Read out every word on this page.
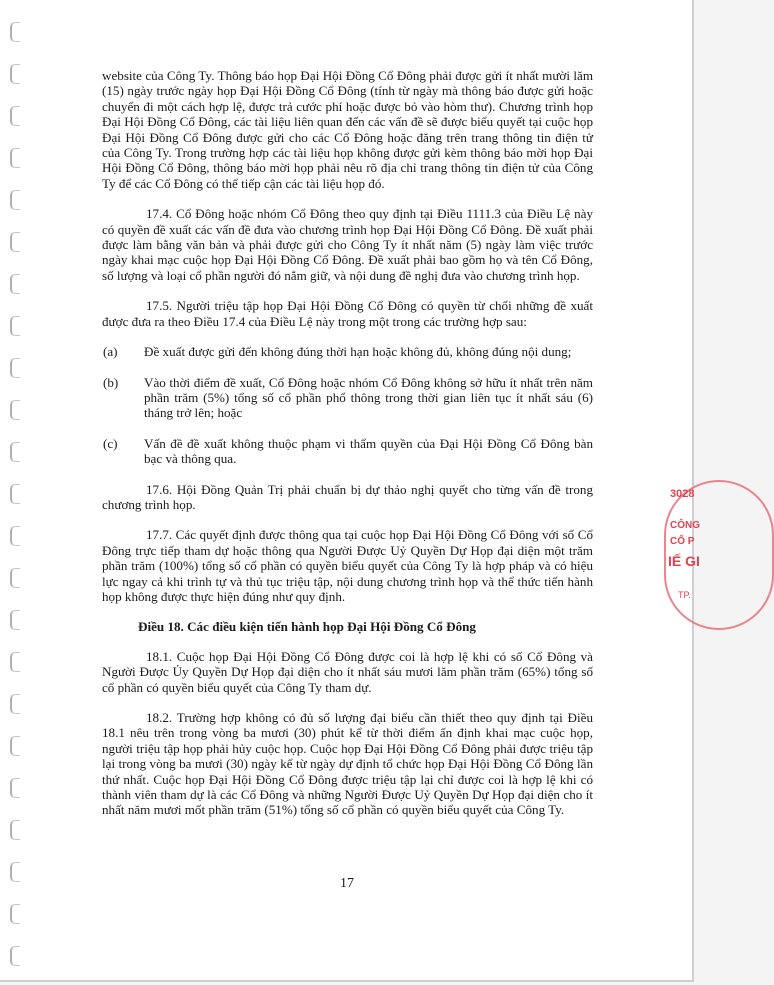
website của Công Ty. Thông báo họp Đại Hội Đồng Cổ Đông phải được gửi ít nhất mười lăm (15) ngày trước ngày họp Đại Hội Đồng Cổ Đông (tính từ ngày mà thông báo được gửi hoặc chuyển đi một cách hợp lệ, được trả cước phí hoặc được bỏ vào hòm thư). Chương trình họp Đại Hội Đồng Cổ Đông, các tài liệu liên quan đến các vấn đề sẽ được biểu quyết tại cuộc họp Đại Hội Đồng Cổ Đông được gửi cho các Cổ Đông hoặc đăng trên trang thông tin điện tử của Công Ty. Trong trường hợp các tài liệu họp không được gửi kèm thông báo mời họp Đại Hội Đồng Cổ Đông, thông báo mời họp phải nêu rõ địa chỉ trang thông tin điện tử của Công Ty để các Cổ Đông có thể tiếp cận các tài liệu họp đó.

17.4. Cổ Đông hoặc nhóm Cổ Đông theo quy định tại Điều 1111.3 của Điều Lệ này có quyền đề xuất các vấn đề đưa vào chương trình họp Đại Hội Đồng Cổ Đông. Đề xuất phải được làm bằng văn bản và phải được gửi cho Công Ty ít nhất năm (5) ngày làm việc trước ngày khai mạc cuộc họp Đại Hội Đồng Cổ Đông. Đề xuất phải bao gồm họ và tên Cổ Đông, số lượng và loại cổ phần người đó nắm giữ, và nội dung đề nghị đưa vào chương trình họp.

17.5. Người triệu tập họp Đại Hội Đồng Cổ Đông có quyền từ chối những đề xuất được đưa ra theo Điều 17.4 của Điều Lệ này trong một trong các trường hợp sau:

(a)	Đề xuất được gửi đến không đúng thời hạn hoặc không đủ, không đúng nội dung;
(b)	Vào thời điểm đề xuất, Cổ Đông hoặc nhóm Cổ Đông không sở hữu ít nhất trên năm phần trăm (5%) tổng số cổ phần phổ thông trong thời gian liên tục ít nhất sáu (6) tháng trở lên; hoặc
(c)	Vấn đề đề xuất không thuộc phạm vi thẩm quyền của Đại Hội Đồng Cổ Đông bàn bạc và thông qua.

17.6. Hội Đồng Quản Trị phải chuẩn bị dự thảo nghị quyết cho từng vấn đề trong chương trình họp.

17.7. Các quyết định được thông qua tại cuộc họp Đại Hội Đồng Cổ Đông với số Cổ Đông trực tiếp tham dự hoặc thông qua Người Được Uỷ Quyền Dự Họp đại diện một trăm phần trăm (100%) tổng số cổ phần có quyền biểu quyết của Công Ty là hợp pháp và có hiệu lực ngay cả khi trình tự và thủ tục triệu tập, nội dung chương trình họp và thể thức tiến hành họp không được thực hiện đúng như quy định.

Điều 18. Các điều kiện tiến hành họp Đại Hội Đồng Cổ Đông

18.1. Cuộc họp Đại Hội Đồng Cổ Đông được coi là hợp lệ khi có số Cổ Đông và Người Được Ủy Quyền Dự Họp đại diện cho ít nhất sáu mươi lăm phần trăm (65%) tổng số cổ phần có quyền biểu quyết của Công Ty tham dự.

18.2. Trường hợp không có đủ số lượng đại biểu cần thiết theo quy định tại Điều 18.1 nêu trên trong vòng ba mươi (30) phút kể từ thời điểm ấn định khai mạc cuộc họp, người triệu tập họp phải hủy cuộc họp. Cuộc họp Đại Hội Đồng Cổ Đông phải được triệu tập lại trong vòng ba mươi (30) ngày kể từ ngày dự định tổ chức họp Đại Hội Đồng Cổ Đông lần thứ nhất. Cuộc họp Đại Hội Đồng Cổ Đông được triệu tập lại chỉ được coi là hợp lệ khi có thành viên tham dự là các Cổ Đông và những Người Được Uỷ Quyền Dự Họp đại diện cho ít nhất năm mươi mốt phần trăm (51%) tổng số cổ phần có quyền biểu quyết của Công Ty.

17
3028
CÔNG
CỔ P
IẾ GI
TP.
